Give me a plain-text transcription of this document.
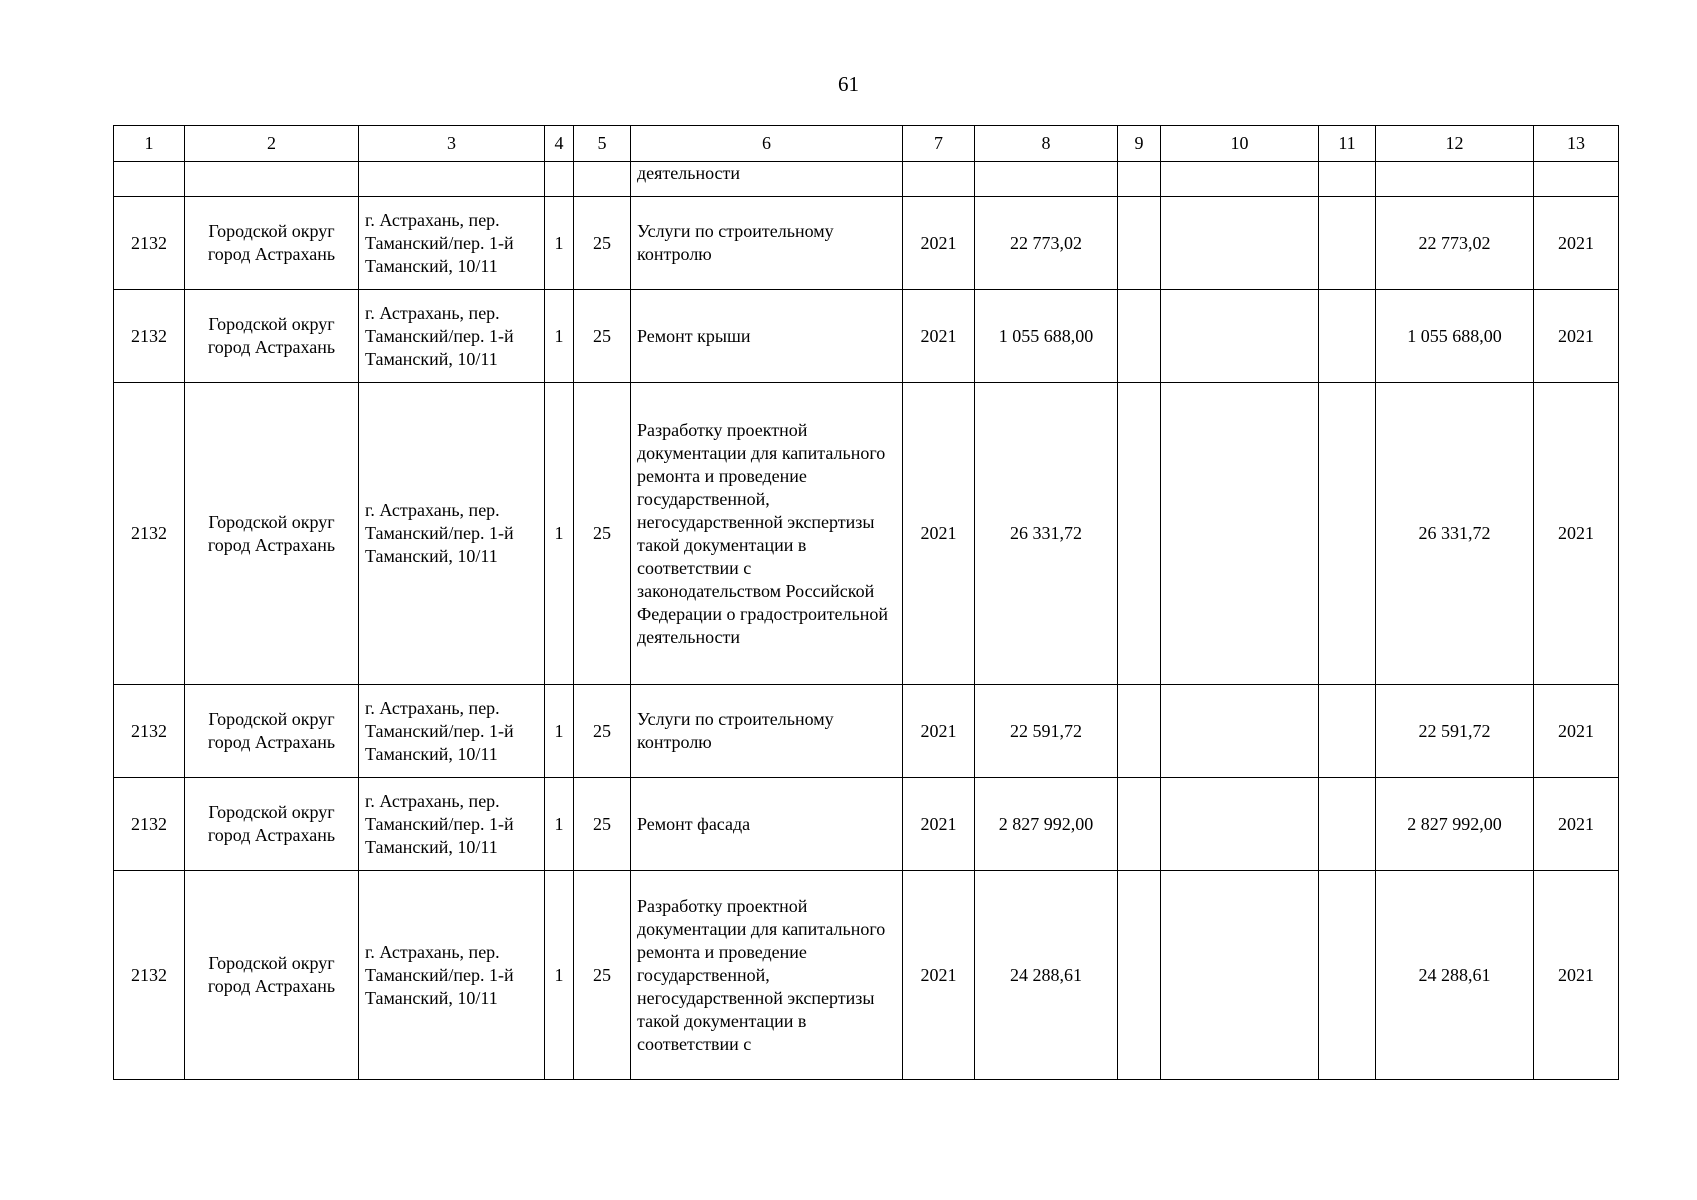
61
1	2	3	4	5	6	7	8	9	10	11	12	13
					деятельности							
2132	Городской округ город Астрахань	г. Астрахань, пер. Таманский/пер. 1-й Таманский, 10/11	1	25	Услуги по строительному контролю	2021	22 773,02				22 773,02	2021
2132	Городской округ город Астрахань	г. Астрахань, пер. Таманский/пер. 1-й Таманский, 10/11	1	25	Ремонт крыши	2021	1 055 688,00				1 055 688,00	2021
2132	Городской округ город Астрахань	г. Астрахань, пер. Таманский/пер. 1-й Таманский, 10/11	1	25	Разработку проектной документации для капитального ремонта и проведение государственной, негосударственной экспертизы такой документации в соответствии с законодательством Российской Федерации о градостроительной деятельности	2021	26 331,72				26 331,72	2021
2132	Городской округ город Астрахань	г. Астрахань, пер. Таманский/пер. 1-й Таманский, 10/11	1	25	Услуги по строительному контролю	2021	22 591,72				22 591,72	2021
2132	Городской округ город Астрахань	г. Астрахань, пер. Таманский/пер. 1-й Таманский, 10/11	1	25	Ремонт фасада	2021	2 827 992,00				2 827 992,00	2021
2132	Городской округ город Астрахань	г. Астрахань, пер. Таманский/пер. 1-й Таманский, 10/11	1	25	Разработку проектной документации для капитального ремонта и проведение государственной, негосударственной экспертизы такой документации в соответствии с	2021	24 288,61				24 288,61	2021
